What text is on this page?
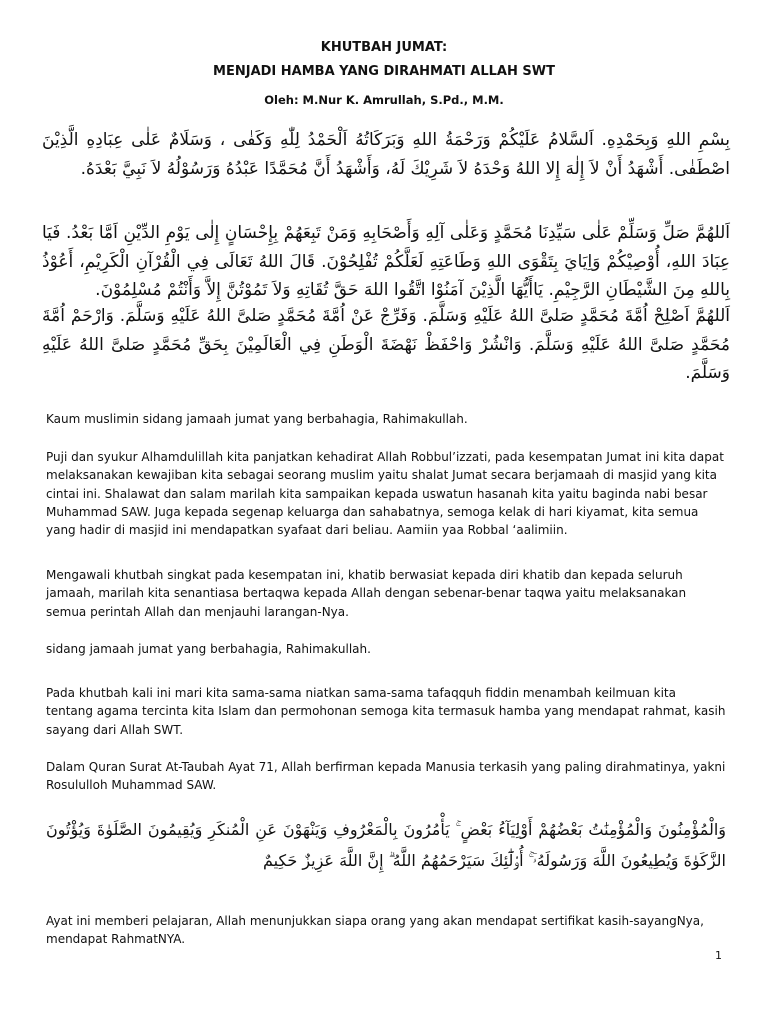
KHUTBAH JUMAT:
MENJADI HAMBA YANG DIRAHMATI ALLAH SWT
Oleh: M.Nur K. Amrullah, S.Pd., M.M.
بِسْمِ اللهِ وَبِحَمْدِهِ. اَلسَّلامُ عَلَيْكُمْ وَرَحْمَةُ اللهِ وَبَرَكَاتُهُ اَلْحَمْدُ لِلّٰهِ وَكَفٰى ، وَسَلَامٌ عَلٰى عِبَادِهِ الَّذِيْنَ اصْطَفٰى. أَشْهَدُ أَنْ لاَ إِلٰهَ إِلا اللهُ وَحْدَهُ لاَ شَرِيْكَ لَهُ، وَأَشْهَدُ أَنَّ مُحَمَّدًا عَبْدُهُ وَرَسُوْلُهُ لاَ نَبِيَّ بَعْدَهُ.
اَللهُمَّ صَلِّ وَسَلِّمْ عَلٰى سَيِّدِنَا مُحَمَّدٍ وَعَلٰى آلِهِ وَأَصْحَابِهِ وَمَنْ تَبِعَهُمْ بِإِحْسَانٍ إِلٰى يَوْمِ الدِّيْنِ اَمَّا بَعْدُ. فَيَا عِبَادَ اللهِ، أُوْصِيْكُمْ وَاِيَايَ بِتَقْوَى اللهِ وَطَاعَتِهِ لَعَلَّكُمْ تُفْلِحُوْنَ. قَالَ اللهُ تَعَالَى فِي الْقُرْآنِ الْكَرِيْمِ، أَعُوْذُ بِاللهِ مِنَ الشَّيْطَانِ الرَّجِيْمِ. يَاأَيُّهَا الَّذِيْنَ آمَنُوْا اتَّقُوا اللهَ حَقَّ تُقَاتِهِ وَلاَ تَمُوْتُنَّ إِلاَّ وَأَنْتُمْ مُسْلِمُوْنَ.
اَللهُمَّ اَصْلِحْ اُمَّةَ مُحَمَّدٍ صَلىَّ اللهُ عَلَيْهِ وَسَلَّمَ. وَفَرِّجْ عَنْ اُمَّةَ مُحَمَّدٍ صَلىَّ اللهُ عَلَيْهِ وَسَلَّمَ. وَارْحَمْ اُمَّةَ مُحَمَّدٍ صَلىَّ اللهُ عَلَيْهِ وَسَلَّمَ. وَانْشُرْ وَاحْفَظْ نَهْضَةَ الْوَطَنِ فِي الْعَالَمِيْنَ بِحَقِّ مُحَمَّدٍ صَلىَّ اللهُ عَلَيْهِ وَسَلَّمَ.

Kaum muslimin sidang jamaah jumat yang berbahagia, Rahimakullah.

Puji dan syukur Alhamdulillah kita panjatkan kehadirat Allah Robbul’izzati, pada kesempatan Jumat ini kita dapat melaksanakan kewajiban kita sebagai seorang muslim yaitu shalat Jumat secara berjamaah di masjid yang kita cintai ini. Shalawat dan salam marilah kita sampaikan kepada uswatun hasanah kita yaitu baginda nabi besar Muhammad SAW. Juga kepada segenap keluarga dan sahabatnya, semoga kelak di hari kiyamat, kita semua yang hadir di masjid ini mendapatkan syafaat dari beliau. Aamiin yaa Robbal ‘aalimiin.

Mengawali khutbah singkat pada kesempatan ini, khatib berwasiat kepada diri khatib dan kepada seluruh jamaah, marilah kita senantiasa bertaqwa kepada Allah dengan sebenar-benar taqwa yaitu melaksanakan semua perintah Allah dan menjauhi larangan-Nya.

sidang jamaah jumat yang berbahagia, Rahimakullah.

Pada khutbah kali ini mari kita sama-sama niatkan sama-sama tafaqquh fiddin menambah keilmuan kita tentang agama tercinta kita Islam dan permohonan semoga kita termasuk hamba yang mendapat rahmat, kasih sayang dari Allah SWT.

Dalam Quran Surat At-Taubah Ayat 71, Allah berfirman kepada Manusia terkasih yang paling dirahmatinya, yakni Rosululloh Muhammad SAW.

وَالْمُؤْمِنُونَ وَالْمُؤْمِنَٰتُ بَعْضُهُمْ أَوْلِيَآءُ بَعْضٍ ۚ يَأْمُرُونَ بِالْمَعْرُوفِ وَيَنْهَوْنَ عَنِ الْمُنكَرِ وَيُقِيمُونَ الصَّلَوٰةَ وَيُؤْتُونَ الزَّكَوٰةَ وَيُطِيعُونَ اللَّهَ وَرَسُولَهُۥٓ ۚ أُو۟لَٰٓئِكَ سَيَرْحَمُهُمُ اللَّهُ ۗ إِنَّ اللَّهَ عَزِيزٌ حَكِيمٌ

Ayat ini memberi pelajaran, Allah menunjukkan siapa orang yang akan mendapat sertifikat kasih-sayangNya, mendapat RahmatNYA.

1
